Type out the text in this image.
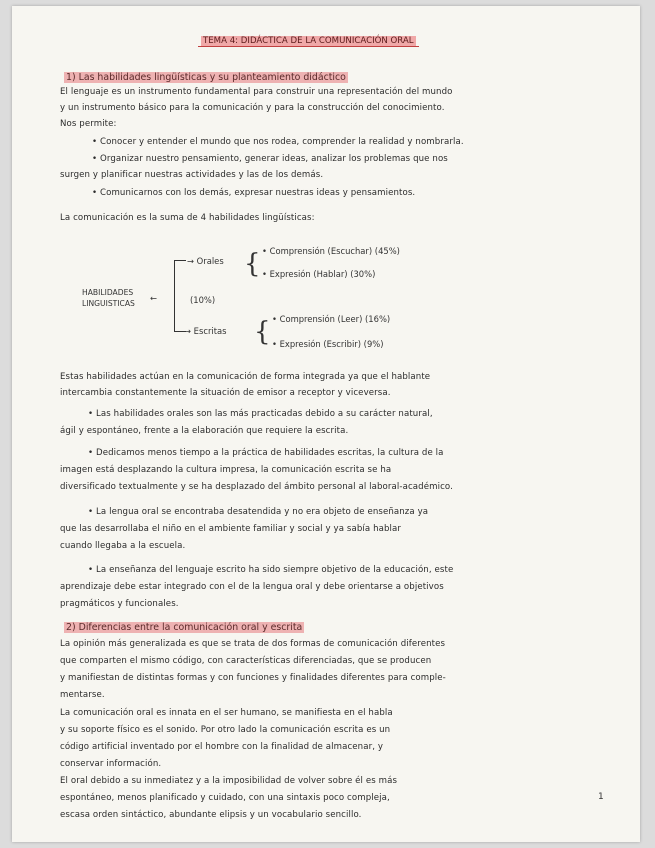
TEMA 4: DIDÁCTICA DE LA COMUNICACIÓN ORAL
1) Las habilidades lingüísticas y su planteamiento didáctico
El lenguaje es un instrumento fundamental para construir una representación del mundo
y un instrumento básico para la comunicación y para la construcción del conocimiento.
Nos permite:
• Conocer y entender el mundo que nos rodea, comprender la realidad y nombrarla.
• Organizar nuestro pensamiento, generar ideas, analizar los problemas que nos
surgen y planificar nuestras actividades y las de los demás.
• Comunicarnos con los demás, expresar nuestras ideas y pensamientos.
La comunicación es la suma de 4 habilidades lingüísticas:
HABILIDADES
LINGUISTICAS
←
→ Orales
(10%)
→ Escritas
{ • Comprensión (Escuchar) (45%)
• Expresión (Hablar) (30%)
{ • Comprensión (Leer) (16%)
• Expresión (Escribir) (9%)
Estas habilidades actúan en la comunicación de forma integrada ya que el hablante
intercambia constantemente la situación de emisor a receptor y viceversa.
• Las habilidades orales son las más practicadas debido a su carácter natural,
ágil y espontáneo, frente a la elaboración que requiere la escrita.
• Dedicamos menos tiempo a la práctica de habilidades escritas, la cultura de la
imagen está desplazando la cultura impresa, la comunicación escrita se ha
diversificado textualmente y se ha desplazado del ámbito personal al laboral-académico.
• La lengua oral se encontraba desatendida y no era objeto de enseñanza ya
que las desarrollaba el niño en el ambiente familiar y social y ya sabía hablar
cuando llegaba a la escuela.
• La enseñanza del lenguaje escrito ha sido siempre objetivo de la educación, este
aprendizaje debe estar integrado con el de la lengua oral y debe orientarse a objetivos
pragmáticos y funcionales.
2) Diferencias entre la comunicación oral y escrita
La opinión más generalizada es que se trata de dos formas de comunicación diferentes
que comparten el mismo código, con características diferenciadas, que se producen
y manifiestan de distintas formas y con funciones y finalidades diferentes para comple-
mentarse.
La comunicación oral es innata en el ser humano, se manifiesta en el habla
y su soporte físico es el sonido. Por otro lado la comunicación escrita es un
código artificial inventado por el hombre con la finalidad de almacenar, y
conservar información.
El oral debido a su inmediatez y a la imposibilidad de volver sobre él es más
espontáneo, menos planificado y cuidado, con una sintaxis poco compleja,
escasa orden sintáctico, abundante elipsis y un vocabulario sencillo.
1
